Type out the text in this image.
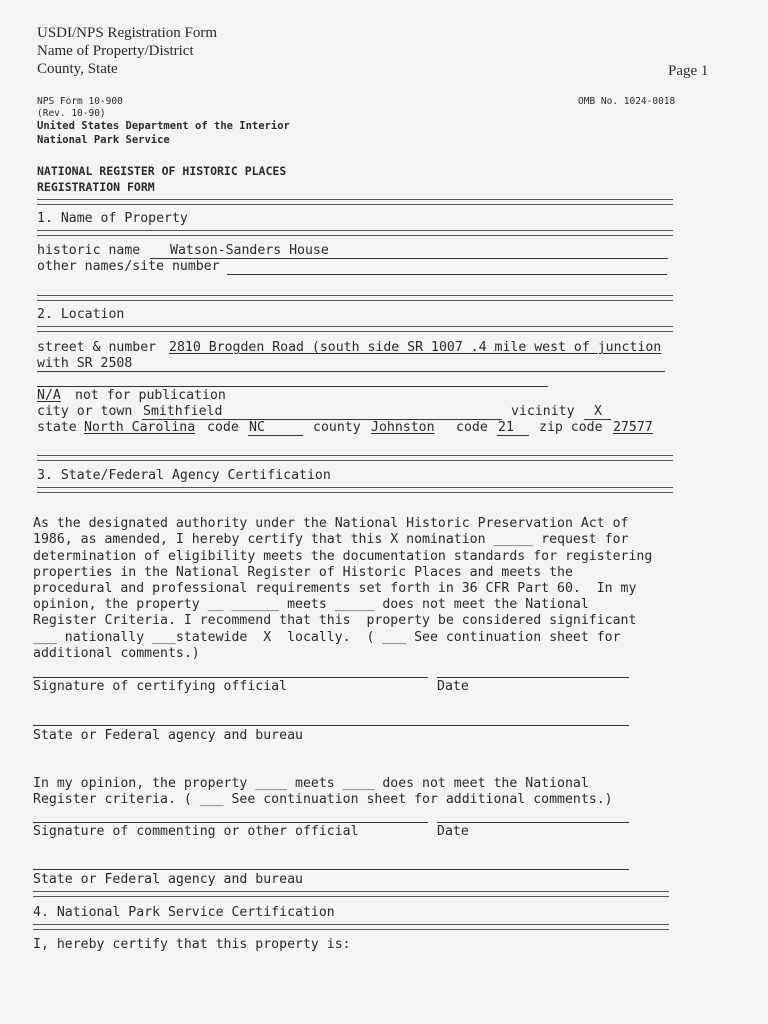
USDI/NPS Registration Form
Name of Property/District
County, State	Page 1
NPS Form 10-900
(Rev. 10-90)
OMB No. 1024-0018
United States Department of the Interior
National Park Service
NATIONAL REGISTER OF HISTORIC PLACES
REGISTRATION FORM
1. Name of Property
historic name Watson-Sanders House
other names/site number
2. Location
street & number 2810 Brogden Road (south side SR 1007 .4 mile west of junction
with SR 2508
N/A not for publication
city or town Smithfield	vicinity X
state North Carolina code NC	county Johnston code 21 zip code 27577
3. State/Federal Agency Certification

As the designated authority under the National Historic Preservation Act of
1986, as amended, I hereby certify that this X nomination _____ request for
determination of eligibility meets the documentation standards for registering
properties in the National Register of Historic Places and meets the
procedural and professional requirements set forth in 36 CFR Part 60.  In my
opinion, the property __ ______ meets _____ does not meet the National
Register Criteria. I recommend that this  property be considered significant
___ nationally ___statewide  X  locally.  ( ___ See continuation sheet for
additional comments.)

Signature of certifying official	Date
State or Federal agency and bureau

In my opinion, the property ____ meets ____ does not meet the National
Register criteria. ( ___ See continuation sheet for additional comments.)

Signature of commenting or other official	Date
State or Federal agency and bureau
4. National Park Service Certification
I, hereby certify that this property is:
